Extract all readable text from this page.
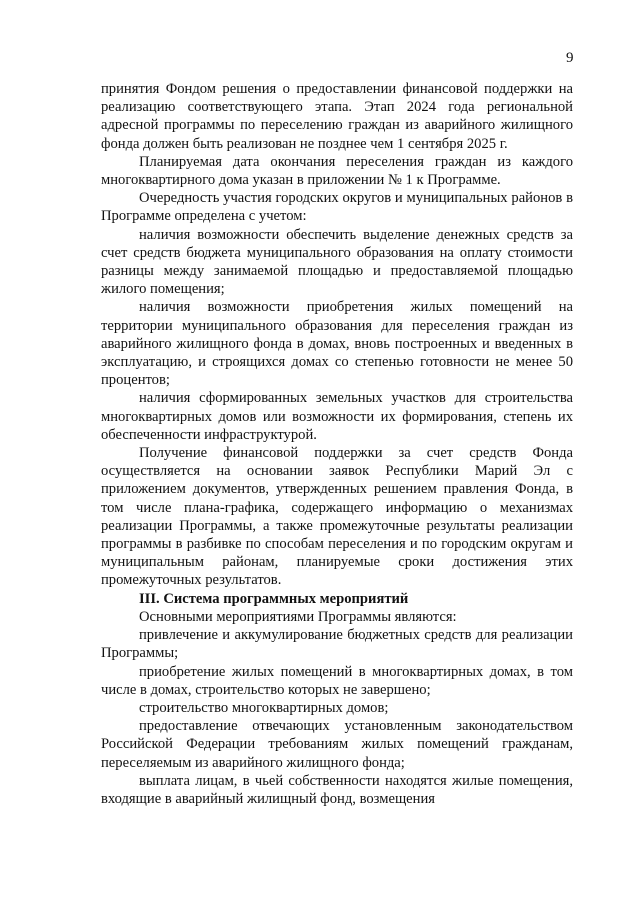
9

принятия Фондом решения о предоставлении финансовой поддержки на реализацию соответствующего этапа. Этап 2024 года региональной адресной программы по переселению граждан из аварийного жилищного фонда должен быть реализован не позднее чем 1 сентября 2025 г.

Планируемая дата окончания переселения граждан из каждого многоквартирного дома указан в приложении № 1 к Программе.

Очередность участия городских округов и муниципальных районов в Программе определена с учетом:

наличия возможности обеспечить выделение денежных средств за счет средств бюджета муниципального образования на оплату стоимости разницы между занимаемой площадью и предоставляемой площадью жилого помещения;

наличия возможности приобретения жилых помещений на территории муниципального образования для переселения граждан из аварийного жилищного фонда в домах, вновь построенных и введенных в эксплуатацию, и строящихся домах со степенью готовности не менее 50 процентов;

наличия сформированных земельных участков для строительства многоквартирных домов или возможности их формирования, степень их обеспеченности инфраструктурой.

Получение финансовой поддержки за счет средств Фонда осуществляется на основании заявок Республики Марий Эл с приложением документов, утвержденных решением правления Фонда, в том числе плана-графика, содержащего информацию о механизмах реализации Программы, а также промежуточные результаты реализации программы в разбивке по способам переселения и по городским округам и муниципальным районам, планируемые сроки достижения этих промежуточных результатов.

III. Система программных мероприятий

Основными мероприятиями Программы являются:

привлечение и аккумулирование бюджетных средств для реализации Программы;

приобретение жилых помещений в многоквартирных домах, в том числе в домах, строительство которых не завершено;

строительство многоквартирных домов;

предоставление отвечающих установленным законодательством Российской Федерации требованиям жилых помещений гражданам, переселяемым из аварийного жилищного фонда;

выплата лицам, в чьей собственности находятся жилые помещения, входящие в аварийный жилищный фонд, возмещения
